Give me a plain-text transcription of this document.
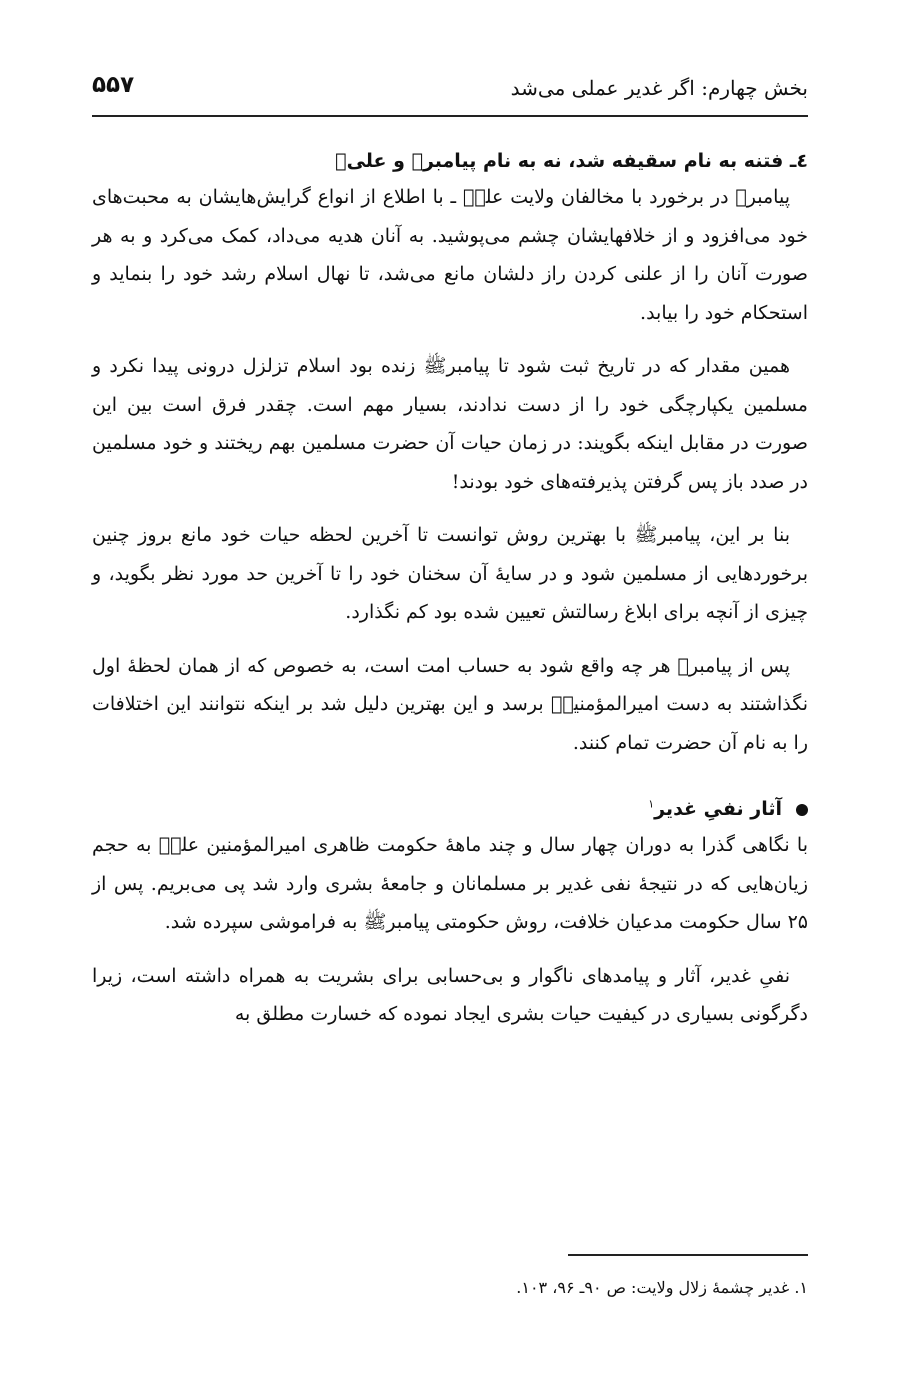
بخش چهارم: اگر غدیر عملی می‌شد
۵۵۷
٤ـ فتنه به نام سقیفه شد، نه به نام پیامبرﷺ و علیؑ

پیامبرﷺ در برخورد با مخالفان ولایت علیؑ ـ با اطلاع از انواع گرایش‌هایشان به محبت‌های خود می‌افزود و از خلافهایشان چشم می‌پوشید. به آنان هدیه می‌داد، کمک می‌کرد و به هر صورت آنان را از علنی کردن راز دلشان مانع می‌شد، تا نهال اسلام رشد خود را بنماید و استحکام خود را بیابد.

همین مقدار که در تاریخ ثبت شود تا پیامبرﷺ زنده بود اسلام تزلزل درونی پیدا نکرد و مسلمین یکپارچگی خود را از دست ندادند، بسیار مهم است. چقدر فرق است بین این صورت در مقابل اینکه بگویند: در زمان حیات آن حضرت مسلمین بهم ریختند و خود مسلمین در صدد باز پس گرفتن پذیرفته‌های خود بودند!

بنا بر این، پیامبرﷺ با بهترین روش توانست تا آخرین لحظه حیات خود مانع بروز چنین برخوردهایی از مسلمین شود و در سایهٔ آن سخنان خود را تا آخرین حد مورد نظر بگوید، و چیزی از آنچه برای ابلاغ رسالتش تعیین شده بود کم نگذارد.

پس از پیامبرﷺ هر چه واقع شود به حساب امت است، به خصوص که از همان لحظهٔ اول نگذاشتند به دست امیرالمؤمنینؑ برسد و این بهترین دلیل شد بر اینکه نتوانند این اختلافات را به نام آن حضرت تمام کنند.

آثار نفیِ غدیر$^۱$

با نگاهی گذرا به دوران چهار سال و چند ماههٔ حکومت ظاهری امیرالمؤمنین علیؑ به حجم زیان‌هایی که در نتیجهٔ نفی غدیر بر مسلمانان و جامعهٔ بشری وارد شد پی می‌بریم. پس از ۲۵ سال حکومت مدعیان خلافت، روش حکومتی پیامبرﷺ به فراموشی سپرده شد.

نفیِ غدیر، آثار و پیامدهای ناگوار و بی‌حسابی برای بشریت به همراه داشته است، زیرا دگرگونی بسیاری در کیفیت حیات بشری ایجاد نموده که خسارت مطلق به

۱. غدیر چشمهٔ زلال ولایت: ص ۹۰ـ ۹۶، ۱۰۳.
